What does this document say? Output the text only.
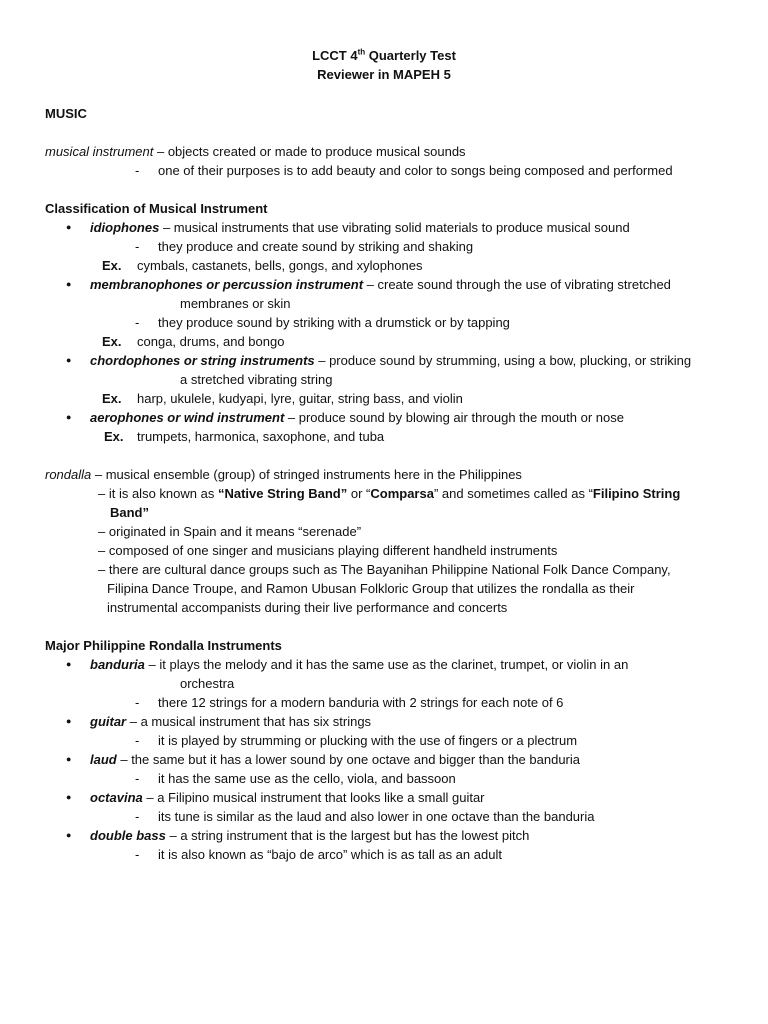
LCCT 4th Quarterly Test
Reviewer in MAPEH 5
MUSIC
musical instrument – objects created or made to produce musical sounds
- one of their purposes is to add beauty and color to songs being composed and performed
Classification of Musical Instrument
● idiophones – musical instruments that use vibrating solid materials to produce musical sound
- they produce and create sound by striking and shaking
Ex. cymbals, castanets, bells, gongs, and xylophones
● membranophones or percussion instrument – create sound through the use of vibrating stretched
membranes or skin
- they produce sound by striking with a drumstick or by tapping
Ex. conga, drums, and bongo
● chordophones or string instruments – produce sound by strumming, using a bow, plucking, or striking
a stretched vibrating string
Ex. harp, ukulele, kudyapi, lyre, guitar, string bass, and violin
● aerophones or wind instrument – produce sound by blowing air through the mouth or nose
Ex. trumpets, harmonica, saxophone, and tuba
rondalla – musical ensemble (group) of stringed instruments here in the Philippines
– it is also known as “Native String Band” or “Comparsa” and sometimes called as “Filipino String
Band”
– originated in Spain and it means “serenade”
– composed of one singer and musicians playing different handheld instruments
– there are cultural dance groups such as The Bayanihan Philippine National Folk Dance Company,
Filipina Dance Troupe, and Ramon Ubusan Folkloric Group that utilizes the rondalla as their
instrumental accompanists during their live performance and concerts
Major Philippine Rondalla Instruments
● banduria – it plays the melody and it has the same use as the clarinet, trumpet, or violin in an
orchestra
- there 12 strings for a modern banduria with 2 strings for each note of 6
● guitar – a musical instrument that has six strings
- it is played by strumming or plucking with the use of fingers or a plectrum
● laud – the same but it has a lower sound by one octave and bigger than the banduria
- it has the same use as the cello, viola, and bassoon
● octavina – a Filipino musical instrument that looks like a small guitar
- its tune is similar as the laud and also lower in one octave than the banduria
● double bass – a string instrument that is the largest but has the lowest pitch
- it is also known as “bajo de arco” which is as tall as an adult
